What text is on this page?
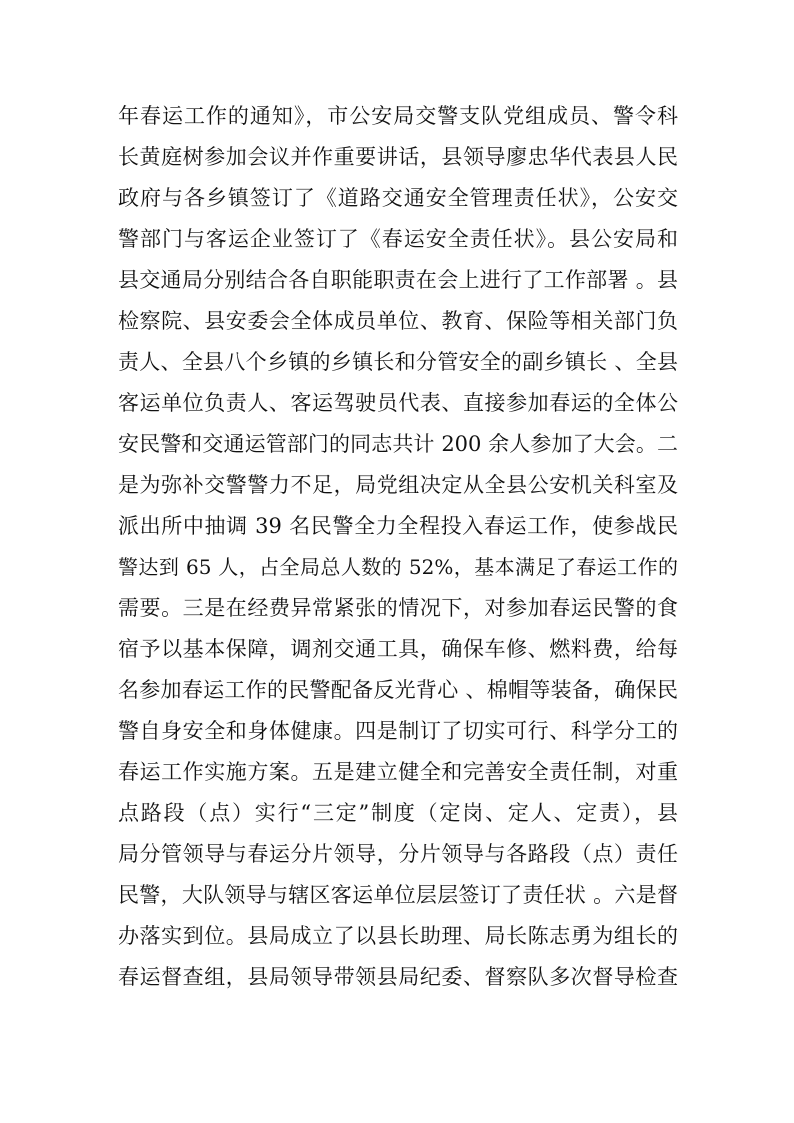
年春运工作的通知》，市公安局交警支队党组成员、警令科
长黄庭树参加会议并作重要讲话，县领导廖忠华代表县人民
政府与各乡镇签订了《道路交通安全管理责任状》，公安交
警部门与客运企业签订了《春运安全责任状》。县公安局和
县交通局分别结合各自职能职责在会上进行了工作部署 。县
检察院、县安委会全体成员单位、教育、保险等相关部门负
责人、全县八个乡镇的乡镇长和分管安全的副乡镇长 、全县
客运单位负责人、客运驾驶员代表、直接参加春运的全体公
安民警和交通运管部门的同志共计 200 余人参加了大会。二
是为弥补交警警力不足，局党组决定从全县公安机关科室及
派出所中抽调 39 名民警全力全程投入春运工作，使参战民
警达到 65 人，占全局总人数的 52%，基本满足了春运工作的
需要。三是在经费异常紧张的情况下，对参加春运民警的食
宿予以基本保障，调剂交通工具，确保车修、燃料费，给每
名参加春运工作的民警配备反光背心 、棉帽等装备，确保民
警自身安全和身体健康。四是制订了切实可行、科学分工的
春运工作实施方案。五是建立健全和完善安全责任制，对重
点路段（点）实行“三定”制度（定岗、定人、定责），县
局分管领导与春运分片领导，分片领导与各路段（点）责任
民警，大队领导与辖区客运单位层层签订了责任状 。六是督
办落实到位。县局成立了以县长助理、局长陈志勇为组长的
春运督查组，县局领导带领县局纪委、督察队多次督导检查
